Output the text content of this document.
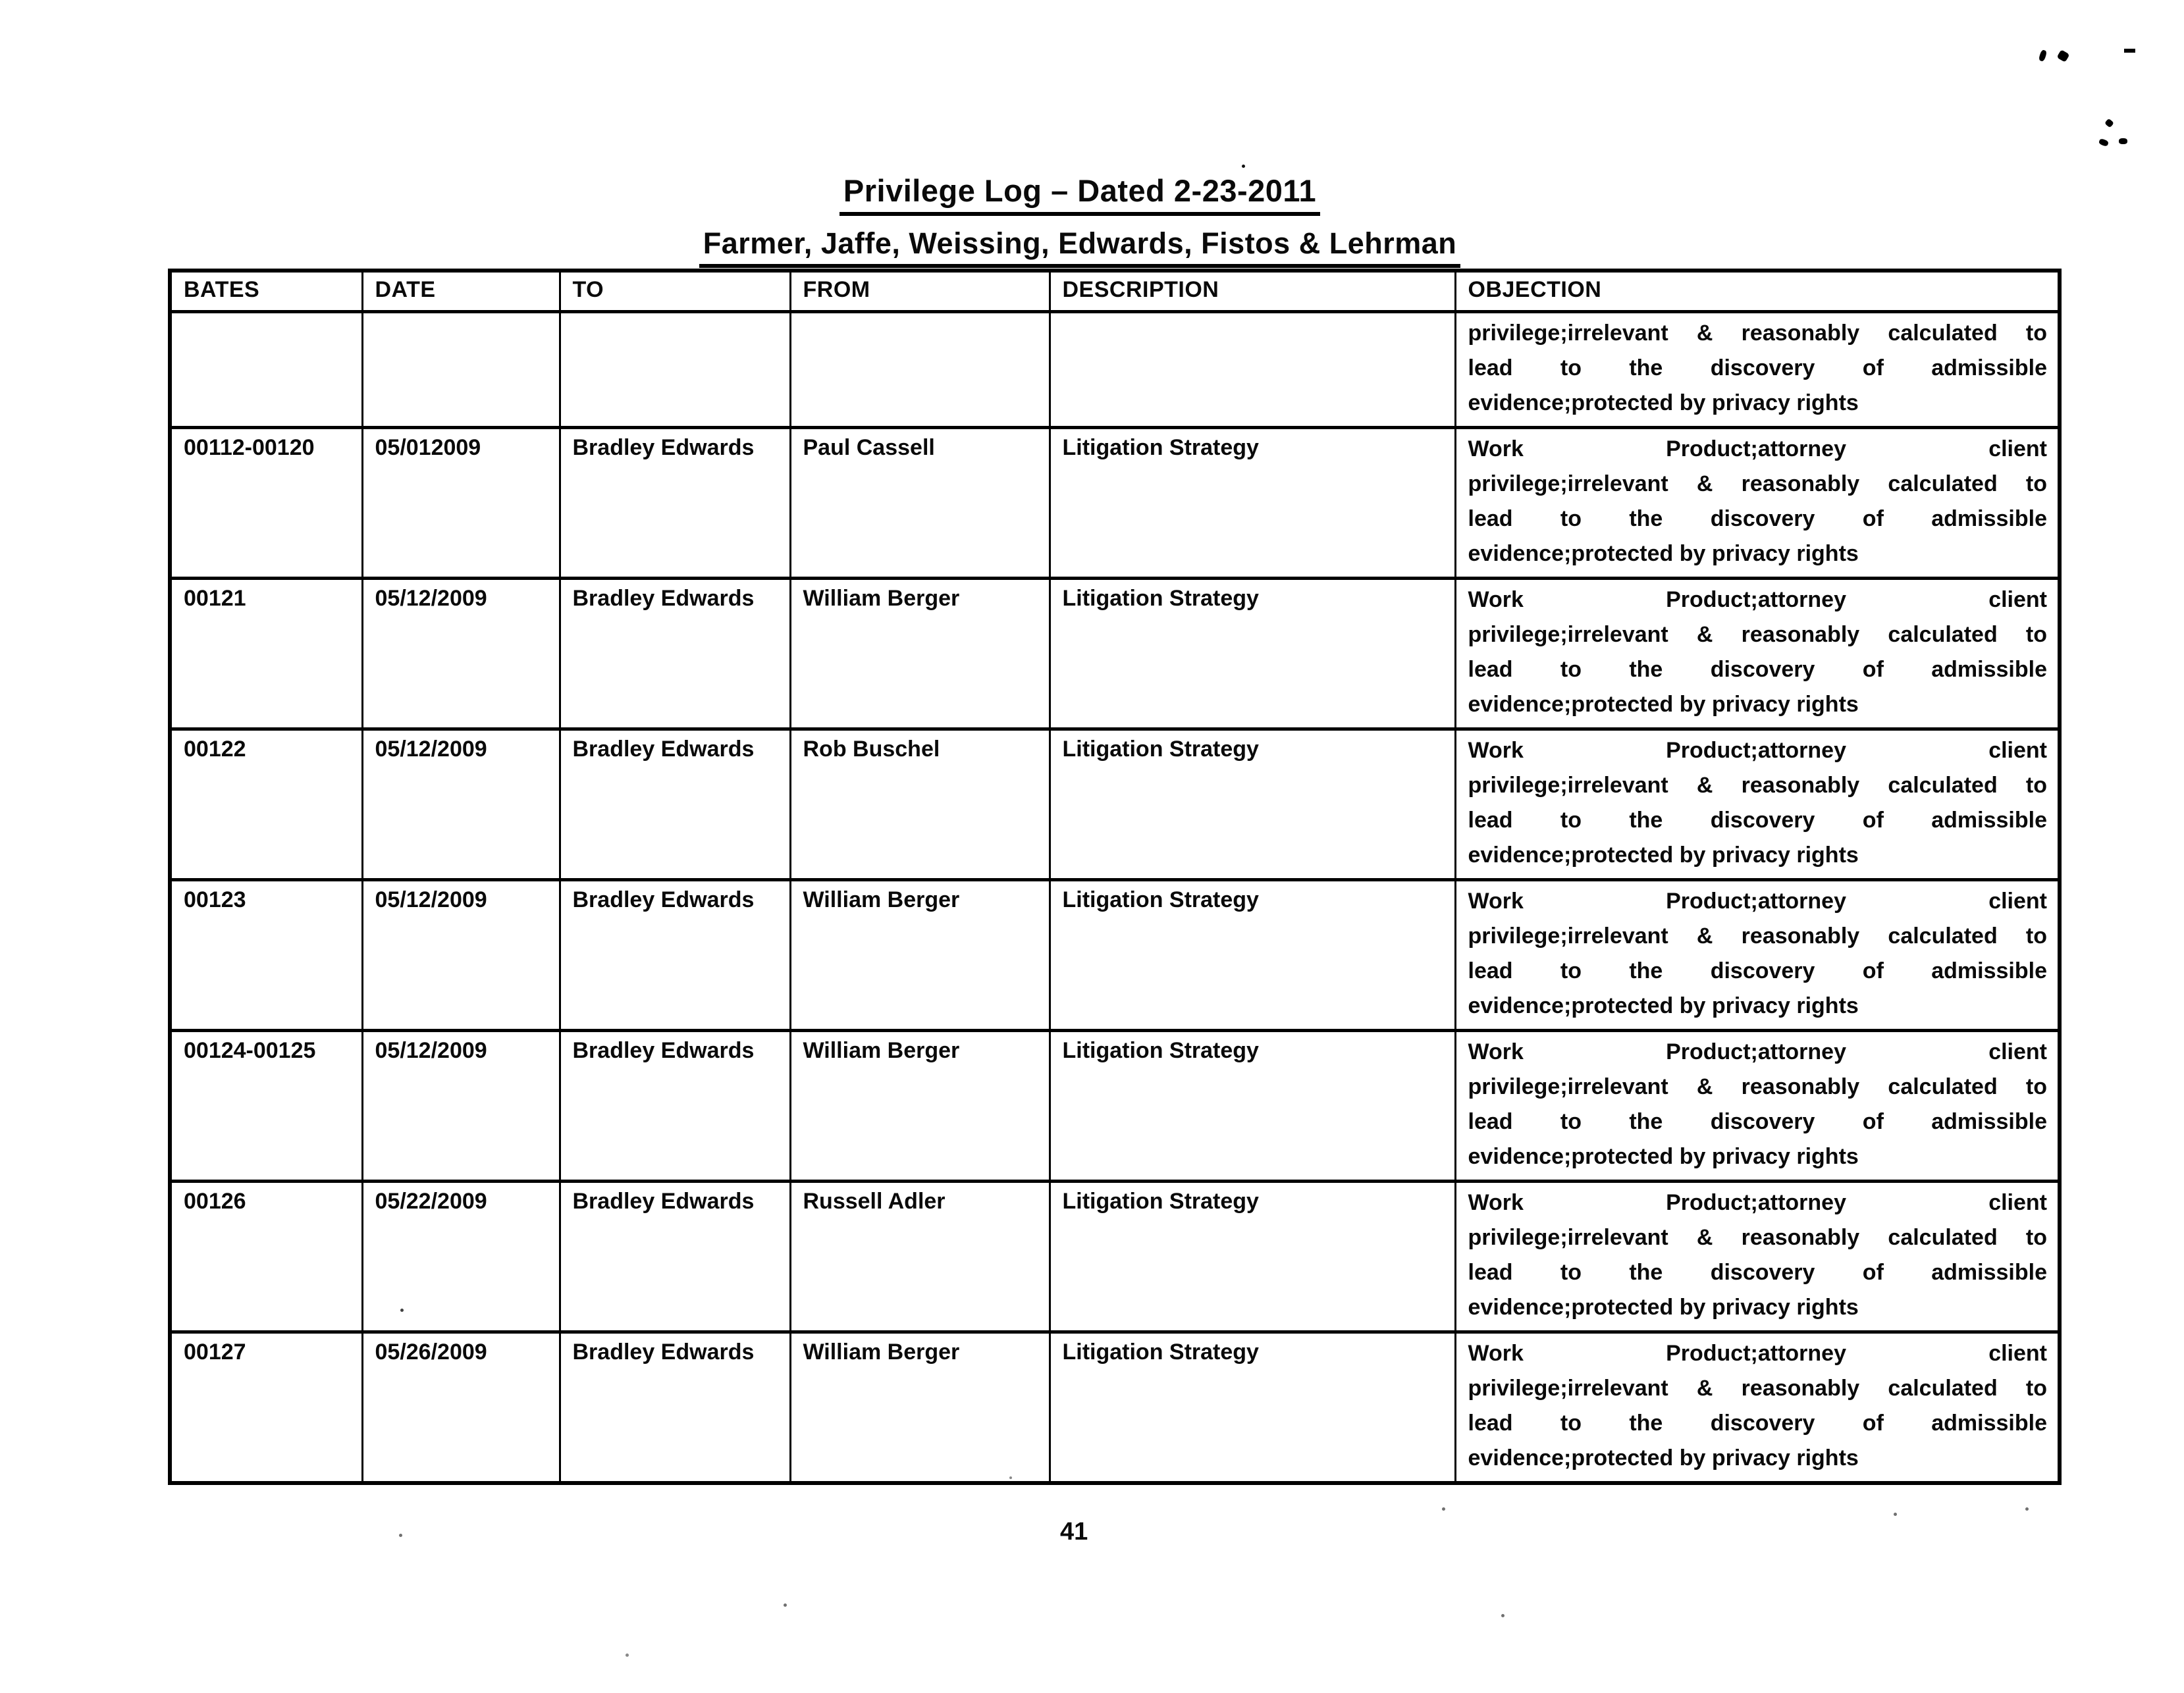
Privilege Log – Dated 2-23-2011
Farmer, Jaffe, Weissing, Edwards, Fistos & Lehrman
BATES	DATE	TO	FROM	DESCRIPTION	OBJECTION

					privilege;irrelevant & reasonably calculated to
lead to the discovery of admissible
evidence;protected by privacy rights

00112-00120	05/012009	Bradley Edwards	Paul Cassell	Litigation Strategy	Work Product;attorney client
privilege;irrelevant & reasonably calculated to
lead to the discovery of admissible
evidence;protected by privacy rights

00121	05/12/2009	Bradley Edwards	William Berger	Litigation Strategy	Work Product;attorney client
privilege;irrelevant & reasonably calculated to
lead to the discovery of admissible
evidence;protected by privacy rights

00122	05/12/2009	Bradley Edwards	Rob Buschel	Litigation Strategy	Work Product;attorney client
privilege;irrelevant & reasonably calculated to
lead to the discovery of admissible
evidence;protected by privacy rights

00123	05/12/2009	Bradley Edwards	William Berger	Litigation Strategy	Work Product;attorney client
privilege;irrelevant & reasonably calculated to
lead to the discovery of admissible
evidence;protected by privacy rights

00124-00125	05/12/2009	Bradley Edwards	William Berger	Litigation Strategy	Work Product;attorney client
privilege;irrelevant & reasonably calculated to
lead to the discovery of admissible
evidence;protected by privacy rights

00126	05/22/2009	Bradley Edwards	Russell Adler	Litigation Strategy	Work Product;attorney client
privilege;irrelevant & reasonably calculated to
lead to the discovery of admissible
evidence;protected by privacy rights

00127	05/26/2009	Bradley Edwards	William Berger	Litigation Strategy	Work Product;attorney client
privilege;irrelevant & reasonably calculated to
lead to the discovery of admissible
evidence;protected by privacy rights
41
